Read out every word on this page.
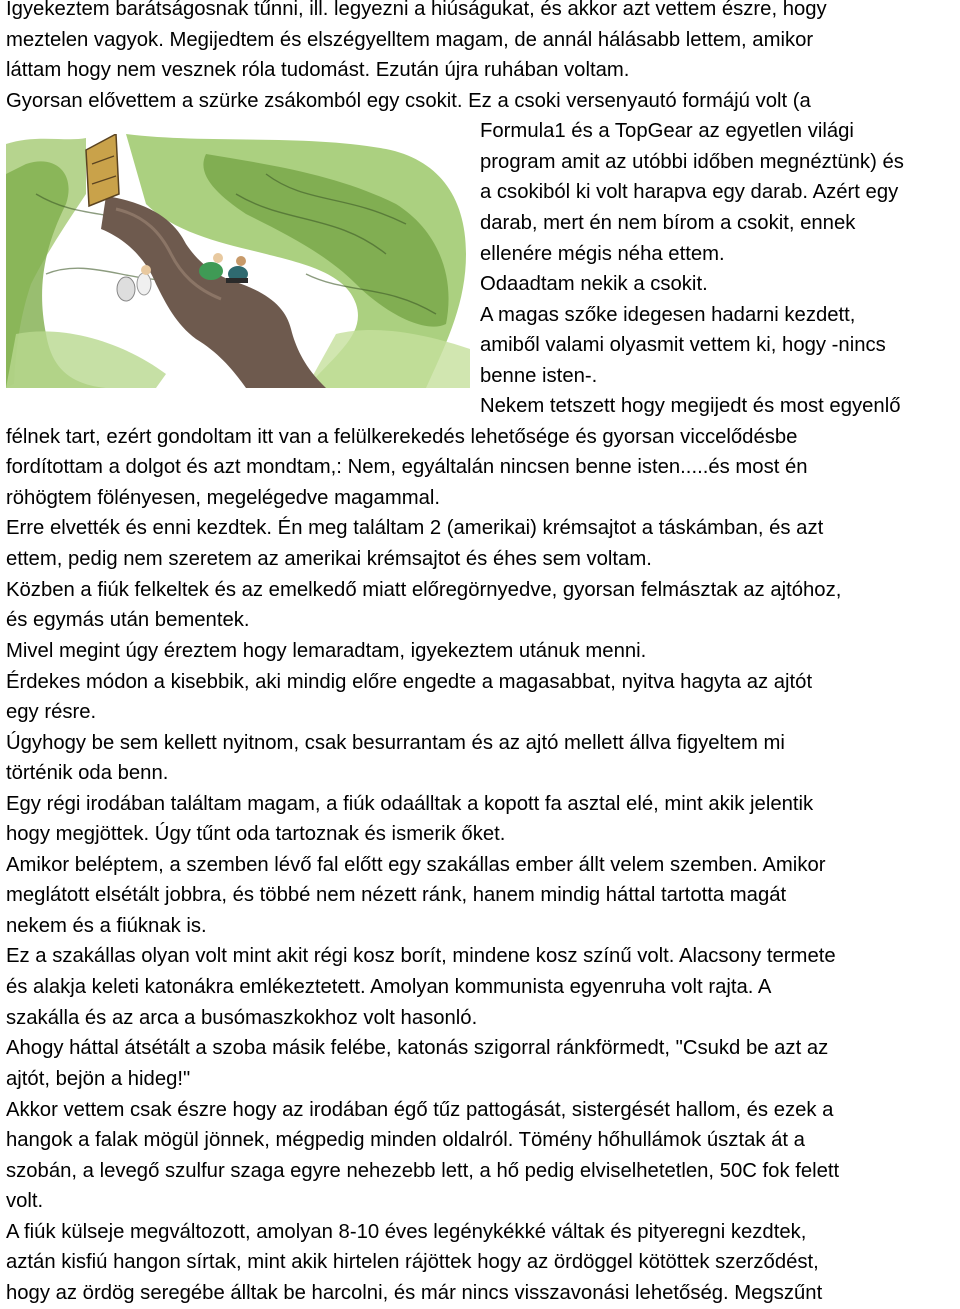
Igyekeztem barátságosnak tűnni, ill. legyezni a hiúságukat, és akkor azt vettem észre, hogy
meztelen vagyok. Megijedtem és elszégyelltem magam, de annál hálásabb lettem, amikor
láttam hogy nem vesznek róla tudomást. Ezután újra ruhában voltam.
Gyorsan elővettem a szürke zsákomból egy csokit. Ez a csoki versenyautó formájú volt (a
Formula1 és a TopGear az egyetlen világi
program amit az utóbbi időben megnéztünk) és
a csokiból ki volt harapva egy darab. Azért egy
darab, mert én nem bírom a csokit, ennek
ellenére mégis néha ettem.
Odaadtam nekik a csokit.
A magas szőke idegesen hadarni kezdett,
amiből valami olyasmit vettem ki, hogy -nincs
benne isten-.
Nekem tetszett hogy megijedt és most egyenlő
félnek tart, ezért gondoltam itt van a felülkerekedés lehetősége és gyorsan viccelődésbe
fordítottam a dolgot és azt mondtam,: Nem, egyáltalán nincsen benne isten.....és most én
röhögtem fölényesen, megelégedve magammal.
Erre elvették és enni kezdtek. Én meg találtam 2 (amerikai) krémsajtot a táskámban, és azt
ettem, pedig nem szeretem az amerikai krémsajtot és éhes sem voltam.
Közben a fiúk felkeltek és az emelkedő miatt előregörnyedve, gyorsan felmásztak az ajtóhoz,
és egymás után bementek.
Mivel megint úgy éreztem hogy lemaradtam, igyekeztem utánuk menni.
Érdekes módon a kisebbik, aki mindig előre engedte a magasabbat, nyitva hagyta az ajtót
egy résre.
Úgyhogy be sem kellett nyitnom, csak besurrantam és az ajtó mellett állva figyeltem mi
történik oda benn.
Egy régi irodában találtam magam, a fiúk odaálltak a kopott fa asztal elé, mint akik jelentik
hogy megjöttek. Úgy tűnt oda tartoznak és ismerik őket.
Amikor beléptem, a szemben lévő fal előtt egy szakállas ember állt velem szemben. Amikor
meglátott elsétált jobbra, és többé nem nézett ránk, hanem mindig háttal tartotta magát
nekem és a fiúknak is.
Ez a szakállas olyan volt mint akit régi kosz borít, mindene kosz színű volt. Alacsony termete
és alakja keleti katonákra emlékeztetett. Amolyan kommunista egyenruha volt rajta. A
szakálla és az arca a busómaszkokhoz volt hasonló.
Ahogy háttal átsétált a szoba másik felébe, katonás szigorral ránkförmedt, "Csukd be azt az
ajtót, bejön a hideg!"
Akkor vettem csak észre hogy az irodában égő tűz pattogását, sistergését hallom, és ezek a
hangok a falak mögül jönnek, mégpedig minden oldalról. Tömény hőhullámok úsztak át a
szobán, a levegő szulfur szaga egyre nehezebb lett, a hő pedig elviselhetetlen, 50C fok felett
volt.
A fiúk külseje megváltozott, amolyan 8-10 éves legénykékké váltak és pityeregni kezdtek,
aztán kisfiú hangon sírtak, mint akik hirtelen rájöttek hogy az ördöggel kötöttek szerződést,
hogy az ördög seregébe álltak be harcolni, és már nincs visszavonási lehetőség. Megszűnt
